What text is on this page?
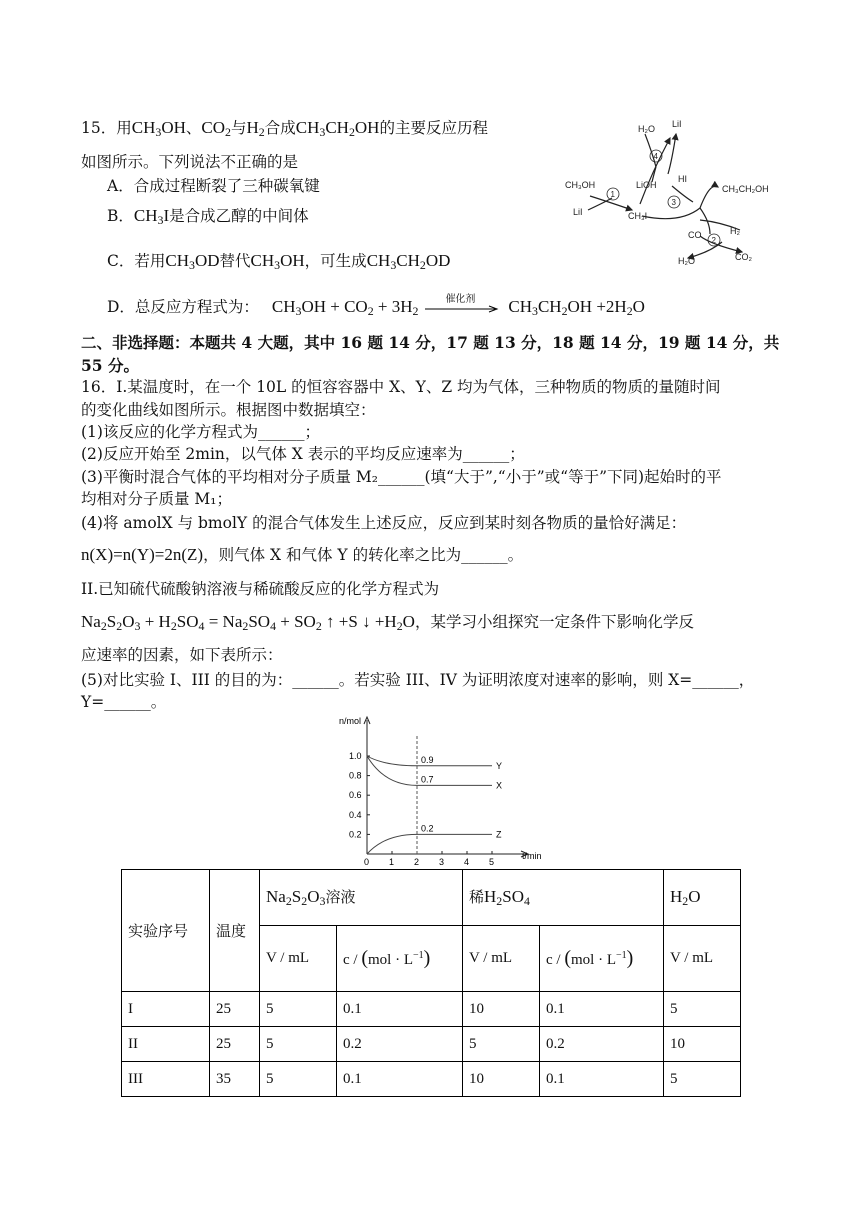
15．用$CH_3OH$、$CO_2$与$H_2$合成$CH_3CH_2OH$的主要反应历程
如图所示。下列说法不正确的是
A．合成过程断裂了三种碳氧键
B．$CH_3I$是合成乙醇的中间体
C．若用$CH_3OD$替代$CH_3OH$，可生成$CH_3CH_2OD$
D．总反应方程式为： $CH_3OH + CO_2 + 3H_2$
催化剂 $CH_3CH_2OH +2H_2O$
H₂O LiI
HI
LiOH
CH₃OH
LiI	CH₃I
CH₃CH₂OH
H₂
CO
H₂O	CO₂
1
4
3
2
二、非选择题：本题共 4 大题，其中 16 题 14 分，17 题 13 分，18 题 14 分，19 题 14 分，共
55 分。
16．I.某温度时，在一个 10L 的恒容容器中 X、Y、Z 均为气体，三种物质的物质的量随时间
的变化曲线如图所示。根据图中数据填空：
(1)该反应的化学方程式为______；
(2)反应开始至 2min，以气体 X 表示的平均反应速率为______；
(3)平衡时混合气体的平均相对分子质量 M₂______(填“大于”,“小于”或“等于”下同)起始时的平
均相对分子质量 M₁；
(4)将 amolX 与 bmolY 的混合气体发生上述反应，反应到某时刻各物质的量恰好满足：
n(X)=n(Y)=2n(Z)，则气体 X 和气体 Y 的转化率之比为______。
II.已知硫代硫酸钠溶液与稀硫酸反应的化学方程式为
$Na_2S_2O_3 + H_2SO_4 = Na_2SO_4 + SO_2$ ↑ +S ↓ $+H_2O$，某学习小组探究一定条件下影响化学反
应速率的因素，如下表所示：
(5)对比实验 I、III 的目的为：______。若实验 III、IV 为证明浓度对速率的影响，则 X=______，
Y=______。
n/mol
t/min
0 1 2 3 4 5
0.2
0.4
0.6
0.8
1.0	0.9
Y
0.7
X
0.2
Z
实验序号	温度	$Na_2S_2O_3$溶液		稀$H_2SO_4$		$H_2O$
		V / mL	$c / (mol \cdot L^{-1})$	V / mL	$c / (mol \cdot L^{-1})$	V / mL
I	25	5	0.1	10	0.1	5
II	25	5	0.2	5	0.2	10
III	35	5	0.1	10	0.1	5
